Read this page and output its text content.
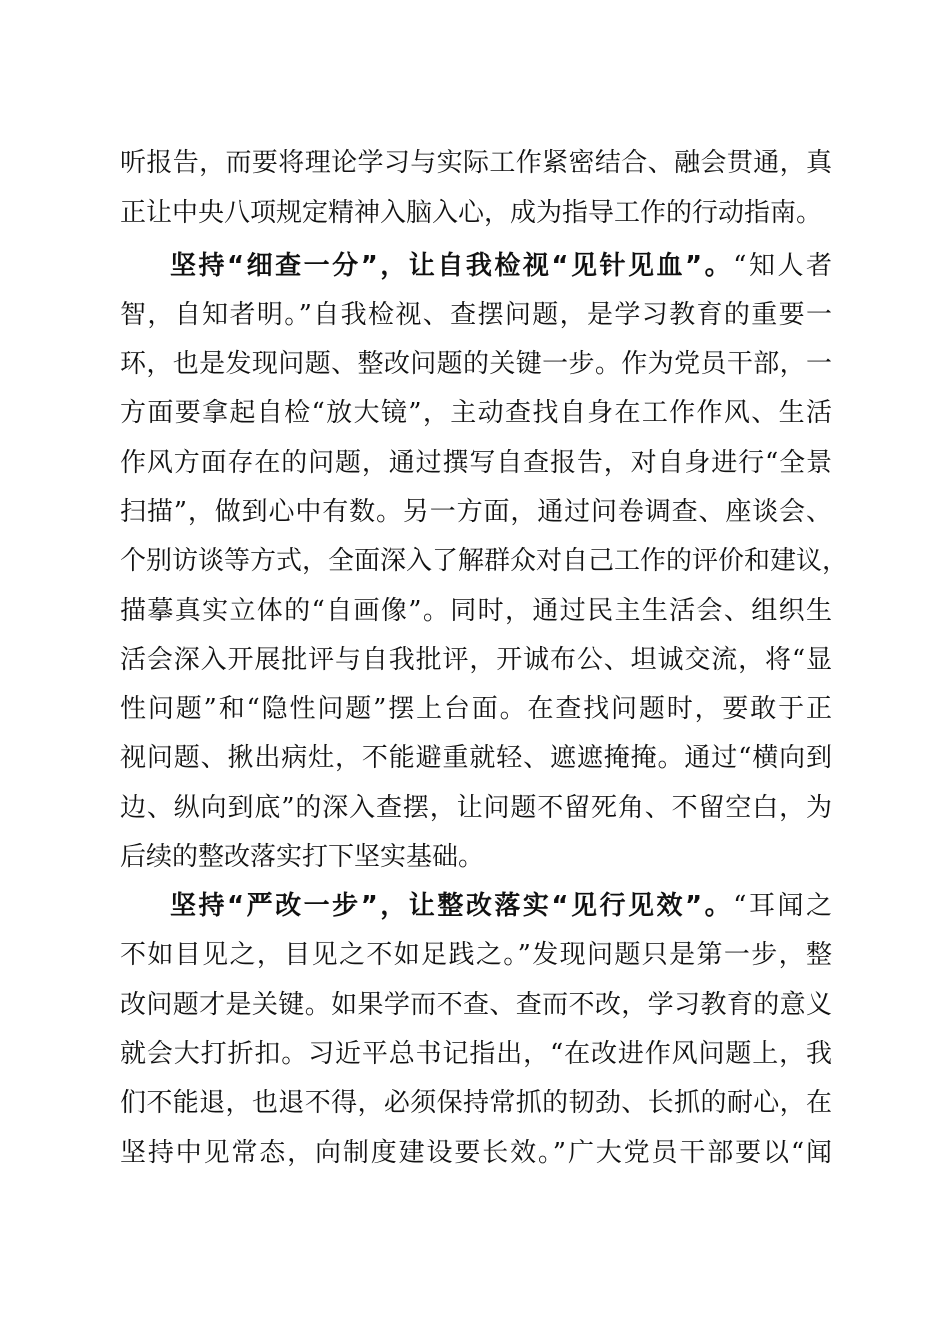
听报告，而要将理论学习与实际工作紧密结合、融会贯通，真
正让中央八项规定精神入脑入心，成为指导工作的行动指南。
坚持“细查一分”，让自我检视“见针见血”。“知人者
智，自知者明。”自我检视、查摆问题，是学习教育的重要一
环，也是发现问题、整改问题的关键一步。作为党员干部，一
方面要拿起自检“放大镜”，主动查找自身在工作作风、生活
作风方面存在的问题，通过撰写自查报告，对自身进行“全景
扫描”，做到心中有数。另一方面，通过问卷调查、座谈会、
个别访谈等方式，全面深入了解群众对自己工作的评价和建议，
描摹真实立体的“自画像”。同时，通过民主生活会、组织生
活会深入开展批评与自我批评，开诚布公、坦诚交流，将“显
性问题”和“隐性问题”摆上台面。在查找问题时，要敢于正
视问题、揪出病灶，不能避重就轻、遮遮掩掩。通过“横向到
边、纵向到底”的深入查摆，让问题不留死角、不留空白，为
后续的整改落实打下坚实基础。
坚持“严改一步”，让整改落实“见行见效”。“耳闻之
不如目见之，目见之不如足践之。”发现问题只是第一步，整
改问题才是关键。如果学而不查、查而不改，学习教育的意义
就会大打折扣。习近平总书记指出，“在改进作风问题上，我
们不能退，也退不得，必须保持常抓的韧劲、长抓的耐心，在
坚持中见常态，向制度建设要长效。”广大党员干部要以“闻
